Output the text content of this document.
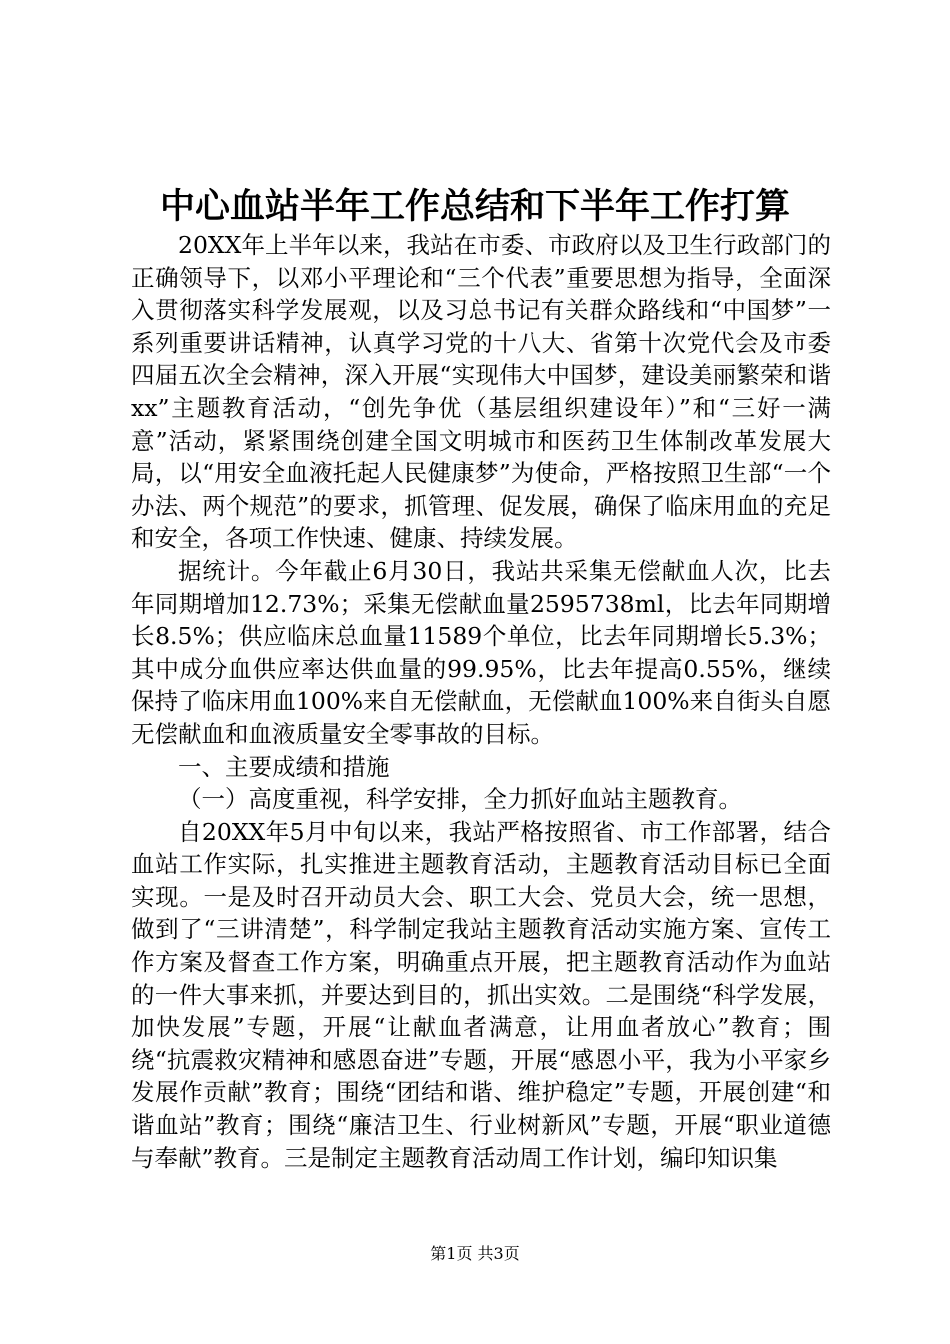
中心血站半年工作总结和下半年工作打算

20XX年上半年以来，我站在市委、市政府以及卫生行政部门的正确领导下，以邓小平理论和“三个代表”重要思想为指导，全面深入贯彻落实科学发展观，以及习总书记有关群众路线和“中国梦”一系列重要讲话精神，认真学习党的十八大、省第十次党代会及市委四届五次全会精神，深入开展“实现伟大中国梦，建设美丽繁荣和谐xx”主题教育活动，“创先争优（基层组织建设年）”和“三好一满意”活动，紧紧围绕创建全国文明城市和医药卫生体制改革发展大局，以“用安全血液托起人民健康梦”为使命，严格按照卫生部“一个办法、两个规范”的要求，抓管理、促发展，确保了临床用血的充足和安全，各项工作快速、健康、持续发展。

据统计。今年截止6月30日，我站共采集无偿献血人次，比去年同期增加12.73%；采集无偿献血量2595738ml，比去年同期增长8.5%；供应临床总血量11589个单位，比去年同期增长5.3%；其中成分血供应率达供血量的99.95%，比去年提高0.55%，继续保持了临床用血100%来自无偿献血，无偿献血100%来自街头自愿无偿献血和血液质量安全零事故的目标。

一、主要成绩和措施

（一）高度重视，科学安排，全力抓好血站主题教育。

自20XX年5月中旬以来，我站严格按照省、市工作部署，结合血站工作实际，扎实推进主题教育活动，主题教育活动目标已全面实现。一是及时召开动员大会、职工大会、党员大会，统一思想，做到了“三讲清楚”，科学制定我站主题教育活动实施方案、宣传工作方案及督查工作方案，明确重点开展，把主题教育活动作为血站的一件大事来抓，并要达到目的，抓出实效。二是围绕“科学发展，加快发展”专题，开展“让献血者满意，让用血者放心”教育；围绕“抗震救灾精神和感恩奋进”专题，开展“感恩小平，我为小平家乡发展作贡献”教育；围绕“团结和谐、维护稳定”专题，开展创建“和谐血站”教育；围绕“廉洁卫生、行业树新风”专题，开展“职业道德与奉献”教育。三是制定主题教育活动周工作计划，编印知识集

第1页 共3页
